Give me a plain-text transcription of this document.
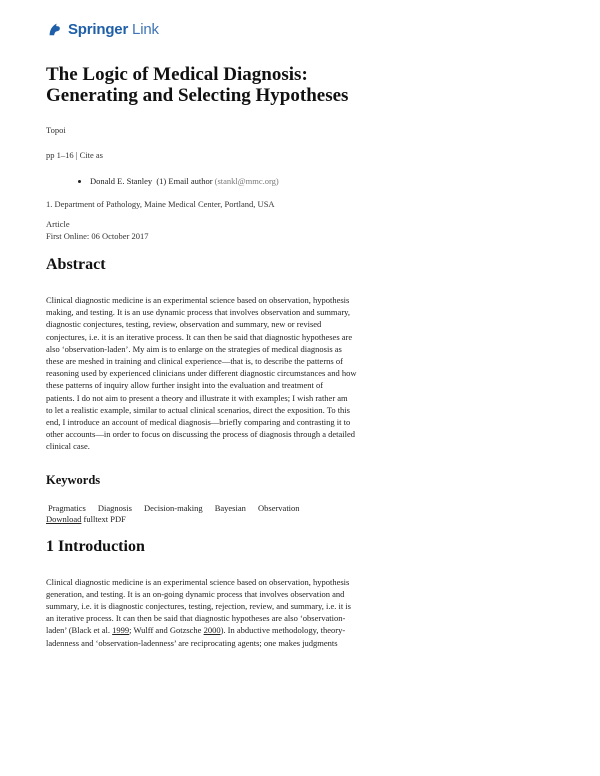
Springer Link
The Logic of Medical Diagnosis:
Generating and Selecting Hypotheses
Topoi
pp 1–16 | Cite as
• Donald E. Stanley (1) Email author (stankl@mmc.org)
1. Department of Pathology, Maine Medical Center, Portland, USA
Article
First Online: 06 October 2017
Abstract

Clinical diagnostic medicine is an experimental science based on observation, hypothesis
making, and testing. It is an use dynamic process that involves observation and summary,
diagnostic conjectures, testing, review, observation and summary, new or revised
conjectures, i.e. it is an iterative process. It can then be said that diagnostic hypotheses are
also ‘observation-laden’. My aim is to enlarge on the strategies of medical diagnosis as
these are meshed in training and clinical experience—that is, to describe the patterns of
reasoning used by experienced clinicians under different diagnostic circumstances and how
these patterns of inquiry allow further insight into the evaluation and treatment of
patients. I do not aim to present a theory and illustrate it with examples; I wish rather am
to let a realistic example, similar to actual clinical scenarios, direct the exposition. To this
end, I introduce an account of medical diagnosis—briefly comparing and contrasting it to
other accounts—in order to focus on discussing the process of diagnosis through a detailed
clinical case.

Keywords
Pragmatics Diagnosis Decision-making Bayesian Observation
Download fulltext PDF
1 Introduction

Clinical diagnostic medicine is an experimental science based on observation, hypothesis
generation, and testing. It is an on-going dynamic process that involves observation and
summary, i.e. it is diagnostic conjectures, testing, rejection, review, and summary, i.e. it is
an iterative process. It can then be said that diagnostic hypotheses are also ‘observation-
laden’ (Black et al. 1999; Wulff and Gotzsche 2000). In abductive methodology, theory-
ladenness and ‘observation-ladenness’ are reciprocating agents; one makes judgments
